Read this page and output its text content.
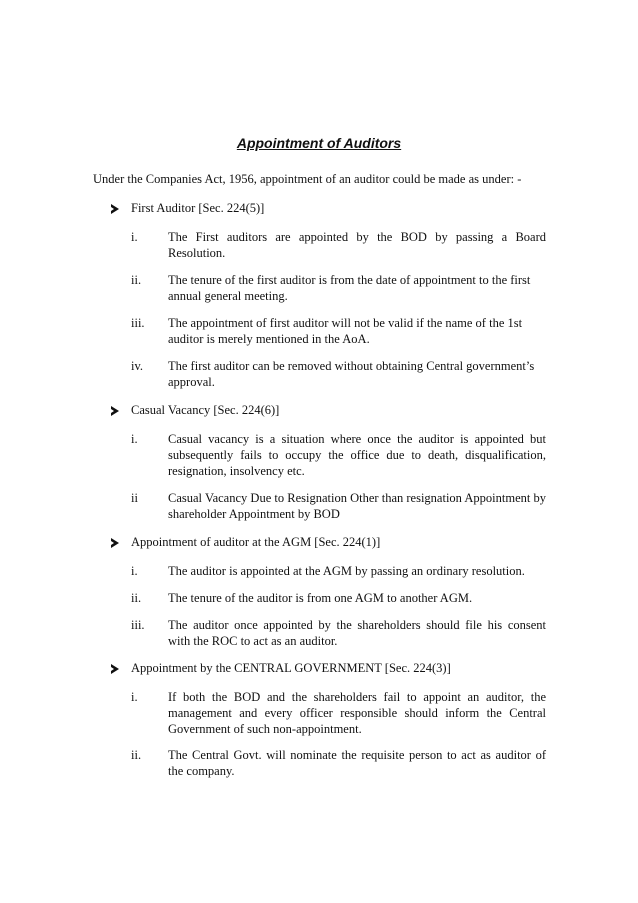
Appointment of Auditors
Under the Companies Act, 1956, appointment of an auditor could be made as under: -
First Auditor [Sec. 224(5)]
i.	The First auditors are appointed by the BOD by passing a Board Resolution.
ii.	The tenure of the first auditor is from the date of appointment to the first annual general meeting.
iii.	The appointment of first auditor will not be valid if the name of the 1st auditor is merely mentioned in the AoA.
iv.	The first auditor can be removed without obtaining Central government’s approval.
Casual Vacancy [Sec. 224(6)]
i.	Casual vacancy is a situation where once the auditor is appointed but subsequently fails to occupy the office due to death, disqualification, resignation, insolvency etc.
ii	Casual Vacancy Due to Resignation Other than resignation Appointment by shareholder Appointment by BOD
Appointment of auditor at the AGM [Sec. 224(1)]
i.	The auditor is appointed at the AGM by passing an ordinary resolution.
ii.	The tenure of the auditor is from one AGM to another AGM.
iii.	The auditor once appointed by the shareholders should file his consent with the ROC to act as an auditor.
Appointment by the CENTRAL GOVERNMENT [Sec. 224(3)]
i.	If both the BOD and the shareholders fail to appoint an auditor, the management and every officer responsible should inform the Central Government of such non-appointment.
ii.	The Central Govt. will nominate the requisite person to act as auditor of the company.
